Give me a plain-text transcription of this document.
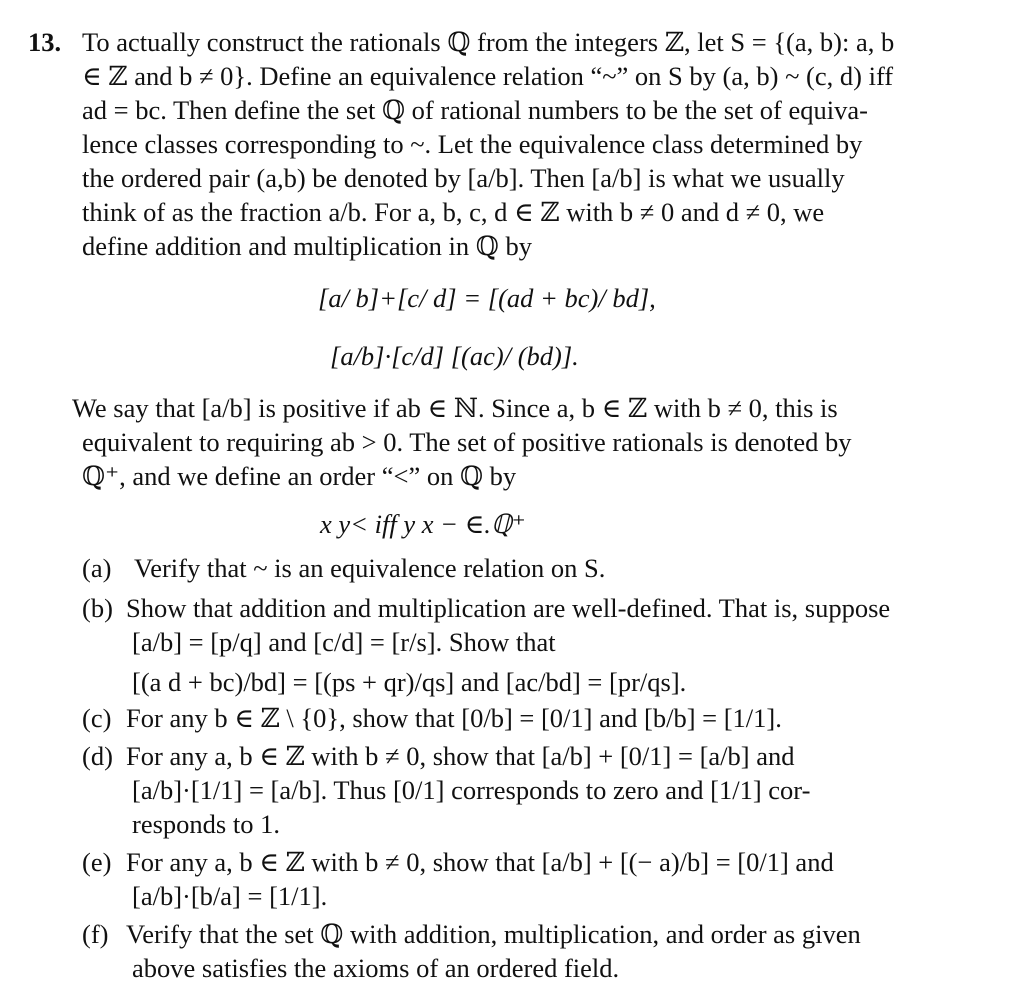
13. To actually construct the rationals ℚ from the integers ℤ, let S = {(a, b): a, b
∈ ℤ and b ≠ 0}. Define an equivalence relation “~” on S by (a, b) ~ (c, d) iff
ad = bc. Then define the set ℚ of rational numbers to be the set of equiva-
lence classes corresponding to ~. Let the equivalence class determined by
the ordered pair (a,b) be denoted by [a/b]. Then [a/b] is what we usually
think of as the fraction a/b. For a, b, c, d ∈ ℤ with b ≠ 0 and d ≠ 0, we
define addition and multiplication in ℚ by
[a/ b]+[c/ d] = [(ad + bc)/ bd],
[a/b]·[c/d] [(ac)/ (bd)].
We say that [a/b] is positive if ab ∈ ℕ. Since a, b ∈ ℤ with b ≠ 0, this is
equivalent to requiring ab > 0. The set of positive rationals is denoted by
ℚ⁺, and we define an order “<” on ℚ by
x y< iff y x − ∈.ℚ⁺
(a) Verify that ~ is an equivalence relation on S.
(b) Show that addition and multiplication are well-defined. That is, suppose
[a/b] = [p/q] and [c/d] = [r/s]. Show that
[(a d + bc)/bd] = [(ps + qr)/qs] and [ac/bd] = [pr/qs].
(c) For any b ∈ ℤ \ {0}, show that [0/b] = [0/1] and [b/b] = [1/1].
(d) For any a, b ∈ ℤ with b ≠ 0, show that [a/b] + [0/1] = [a/b] and
[a/b]·[1/1] = [a/b]. Thus [0/1] corresponds to zero and [1/1] cor-
responds to 1.
(e) For any a, b ∈ ℤ with b ≠ 0, show that [a/b] + [(− a)/b] = [0/1] and
[a/b]·[b/a] = [1/1].
(f) Verify that the set ℚ with addition, multiplication, and order as given
above satisfies the axioms of an ordered field.
